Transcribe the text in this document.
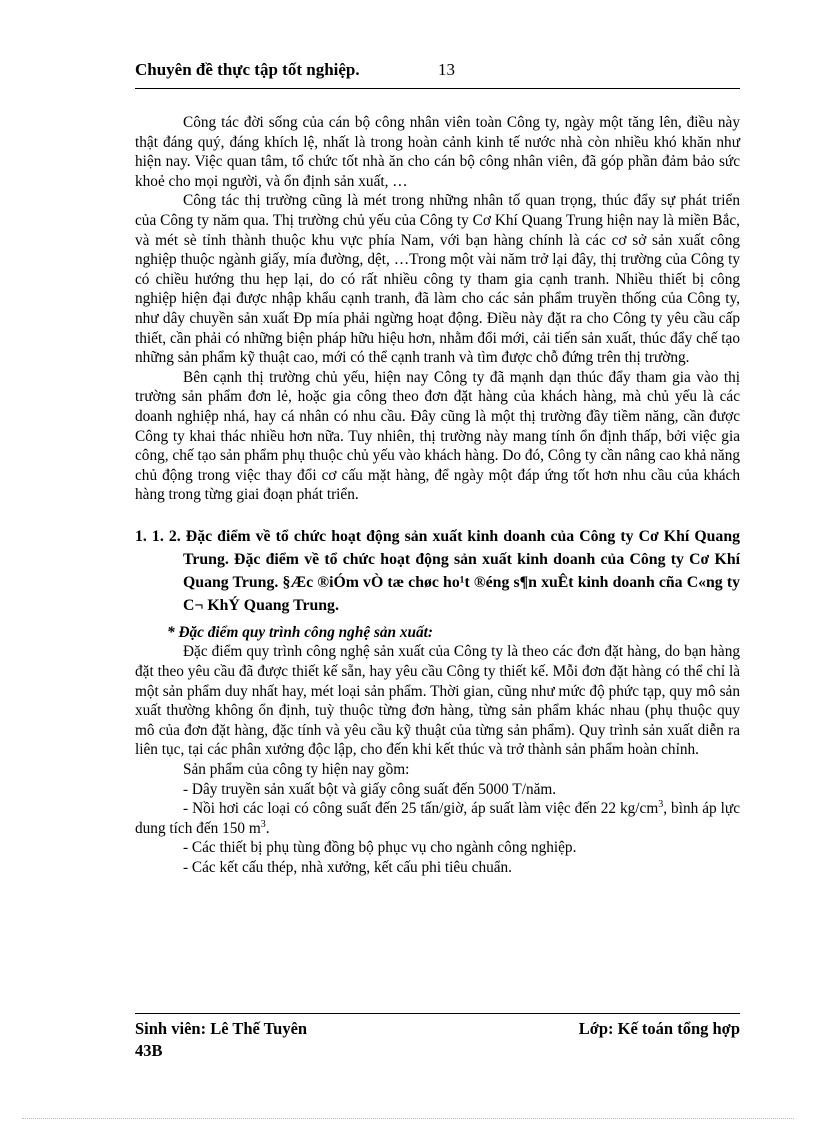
Chuyên đề thực tập tốt nghiệp.	13

Công tác đời sống của cán bộ công nhân viên toàn Công ty, ngày một tăng lên, điều này thật đáng quý, đáng khích lệ, nhất là trong hoàn cảnh kinh tế nước nhà còn nhiều khó khăn như hiện nay. Việc quan tâm, tổ chức tốt nhà ăn cho cán bộ công nhân viên, đã góp phần đảm bảo sức khoẻ cho mọi người, và ổn định sản xuất, …

Công tác thị trường cũng là mét trong những nhân tố quan trọng, thúc đẩy sự phát triển của Công ty năm qua. Thị trường chủ yếu của Công ty Cơ Khí Quang Trung hiện nay là miền Bắc, và mét sè tỉnh thành thuộc khu vực phía Nam, với bạn hàng chính là các cơ sở sản xuất công nghiệp thuộc ngành giấy, mía đường, dệt, …Trong một vài năm trở lại đây, thị trường của Công ty có chiều hướng thu hẹp lại, do có rất nhiều công ty tham gia cạnh tranh. Nhiều thiết bị công nghiệp hiện đại được nhập khẩu cạnh tranh, đã làm cho các sản phẩm truyền thống của Công ty, như dây chuyền sản xuất Ðp mía phải ngừng hoạt động. Điều này đặt ra cho Công ty yêu cầu cấp thiết, cần phải có những biện pháp hữu hiệu hơn, nhằm đổi mới, cải tiến sản xuất, thúc đẩy chế tạo những sản phẩm kỹ thuật cao, mới có thể cạnh tranh và tìm được chỗ đứng trên thị trường.

Bên cạnh thị trường chủ yếu, hiện nay Công ty đã mạnh dạn thúc đẩy tham gia vào thị trường sản phẩm đơn lẻ, hoặc gia công theo đơn đặt hàng của khách hàng, mà chủ yếu là các doanh nghiệp nhá, hay cá nhân có nhu cầu. Đây cũng là một thị trường đầy tiềm năng, cần được Công ty khai thác nhiều hơn nữa. Tuy nhiên, thị trường này mang tính ổn định thấp, bởi việc gia công, chế tạo sản phẩm phụ thuộc chủ yếu vào khách hàng. Do đó, Công ty cần nâng cao khả năng chủ động trong việc thay đổi cơ cấu mặt hàng, để ngày một đáp ứng tốt hơn nhu cầu của khách hàng trong từng giai đoạn phát triển.

1. 1. 2. Đặc điểm về tổ chức hoạt động sản xuất kinh doanh của Công ty Cơ Khí Quang Trung. Đặc điểm về tổ chức hoạt động sản xuất kinh doanh của Công ty Cơ Khí Quang Trung. §Æc ®iÓm vÒ tæ chøc ho¹t ®éng s¶n xuÊt kinh doanh cña C«ng ty C¬ KhÝ Quang Trung.
* Đặc điểm quy trình công nghệ sản xuất:

Đặc điểm quy trình công nghệ sản xuất của Công ty là theo các đơn đặt hàng, do bạn hàng đặt theo yêu cầu đã được thiết kế sẵn, hay yêu cầu Công ty thiết kế. Mỗi đơn đặt hàng có thể chỉ là một sản phẩm duy nhất hay, mét loại sản phẩm. Thời gian, cũng như mức độ phức tạp, quy mô sản xuất thường không ổn định, tuỳ thuộc từng đơn hàng, từng sản phẩm khác nhau (phụ thuộc quy mô của đơn đặt hàng, đặc tính và yêu cầu kỹ thuật của từng sản phẩm). Quy trình sản xuất diễn ra liên tục, tại các phân xưởng độc lập, cho đến khi kết thúc và trở thành sản phẩm hoàn chỉnh.

Sản phẩm của công ty hiện nay gồm:

- Dây truyền sản xuất bột và giấy công suất đến 5000 T/năm.

- Nồi hơi các loại có công suất đến 25 tấn/giờ, áp suất làm việc đến 22 $kg/cm^3$, bình áp lực dung tích đến 150 $m^3$.

- Các thiết bị phụ tùng đồng bộ phục vụ cho ngành công nghiệp.

- Các kết cấu thép, nhà xưởng, kết cấu phi tiêu chuẩn.

Sinh viên: Lê Thế Tuyên	Lớp: Kế toán tổng hợp
43B
